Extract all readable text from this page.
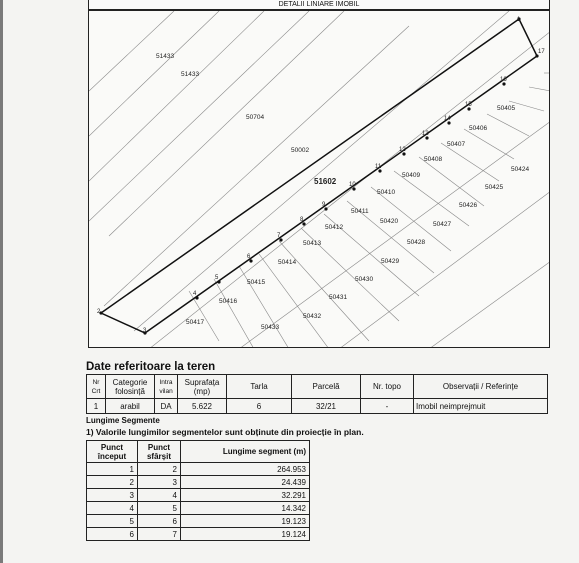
DETALII LINIARE IMOBIL
51433
51433
50704
50002
51602
50405
50406
50407
50408
50409
50410
50411
50412
50413
50414
50415
50416
50417
50433
50432
50431
50430
50429
50428
50427
50426
50425
50424
50420
1
2
3
4
5
6
7
8
9
10
11
12
13
14
15
16
17
Date referitoare la teren
Nr Crt	Categorie folosință	Intra vilan	Suprafața (mp)	Tarla	Parcelă	Nr. topo	Observații / Referințe
1	arabil	DA	5.622	6	32/21	-	Imobil neimprejmuit
Lungime Segmente
1) Valorile lungimilor segmentelor sunt obținute din proiecție în plan.
Punct început	Punct sfârșit	Lungime segment (m)
1	2	264.953
2	3	24.439
3	4	32.291
4	5	14.342
5	6	19.123
6	7	19.124
